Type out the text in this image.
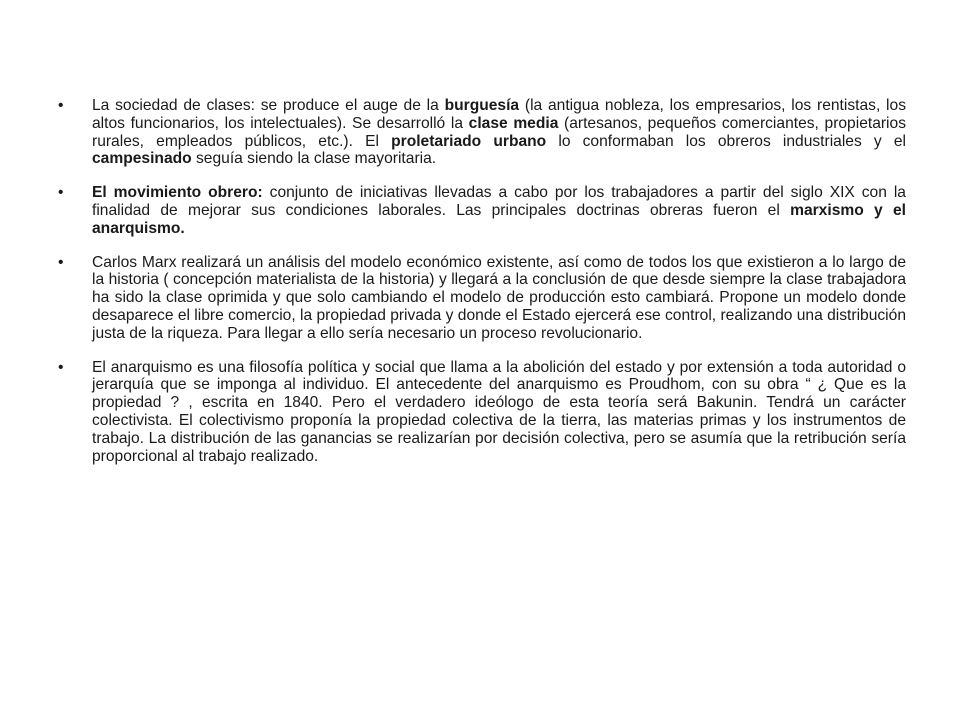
• La sociedad de clases: se produce el auge de la burguesía (la antigua nobleza, los empresarios, los rentistas, los altos funcionarios, los intelectuales). Se desarrolló la clase media (artesanos, pequeños comerciantes, propietarios rurales, empleados públicos, etc.). El proletariado urbano lo conformaban los obreros industriales y el campesinado seguía siendo la clase mayoritaria.
• El movimiento obrero: conjunto de iniciativas llevadas a cabo por los trabajadores a partir del siglo XIX con la finalidad de mejorar sus condiciones laborales. Las principales doctrinas obreras fueron el marxismo y el anarquismo.
• Carlos Marx realizará un análisis del modelo económico existente, así como de todos los que existieron a lo largo de la historia ( concepción materialista de la historia) y llegará a la conclusión de que desde siempre la clase trabajadora ha sido la clase oprimida y que solo cambiando el modelo de producción esto cambiará. Propone un modelo donde desaparece el libre comercio, la propiedad privada y donde el Estado ejercerá ese control, realizando una distribución justa de la riqueza. Para llegar a ello sería necesario un proceso revolucionario.
• El anarquismo es una filosofía política y social que llama a la abolición del estado y por extensión a toda autoridad o jerarquía que se imponga al individuo. El antecedente del anarquismo es Proudhom, con su obra “ ¿ Que es la propiedad ? , escrita en 1840. Pero el verdadero ideólogo de esta teoría será Bakunin. Tendrá un carácter colectivista. El colectivismo proponía la propiedad colectiva de la tierra, las materias primas y los instrumentos de trabajo. La distribución de las ganancias se realizarían por decisión colectiva, pero se asumía que la retribución sería proporcional al trabajo realizado.
